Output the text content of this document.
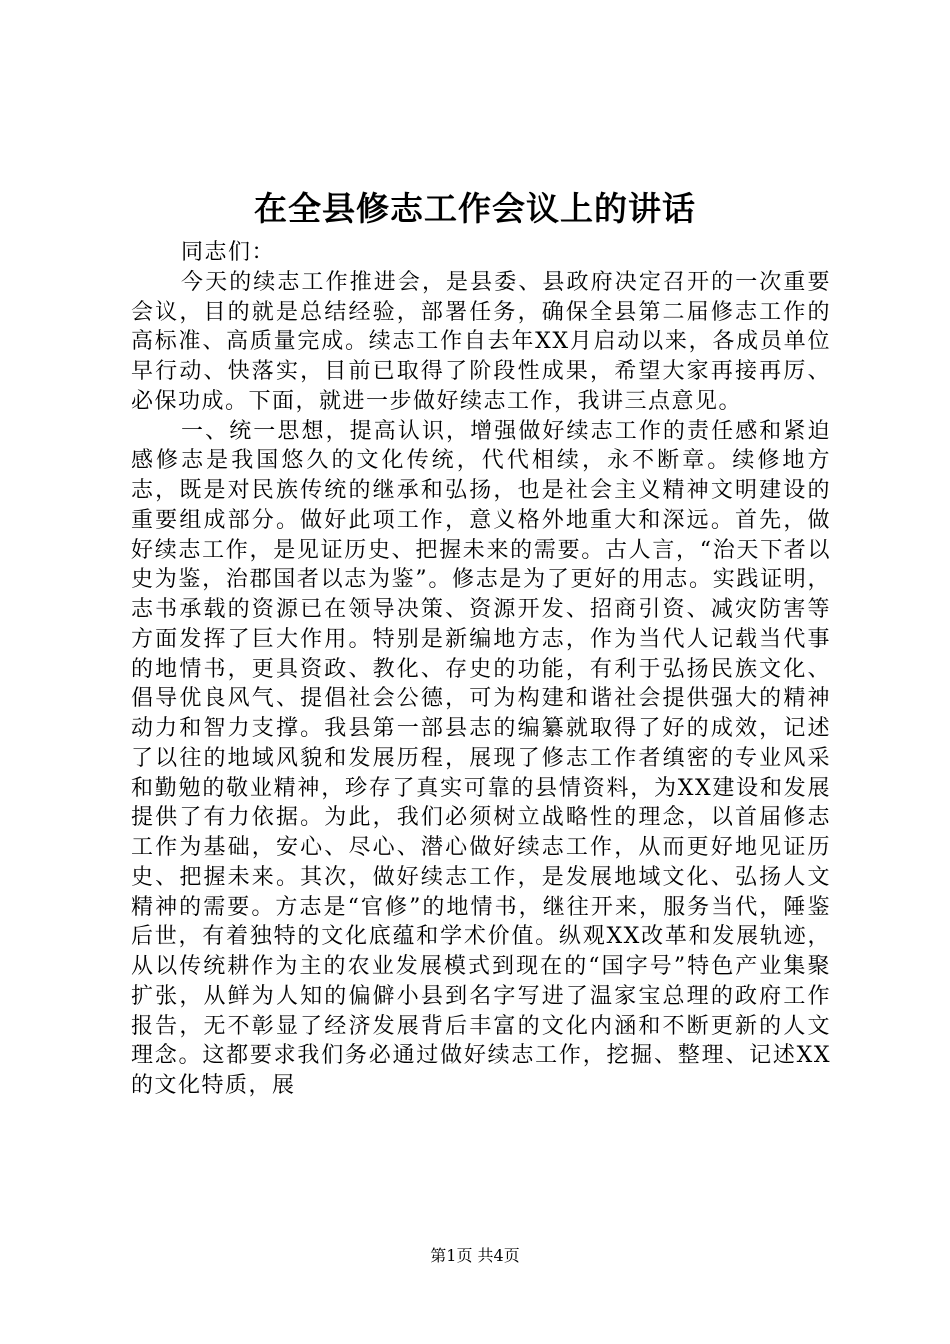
在全县修志工作会议上的讲话

同志们：

今天的续志工作推进会，是县委、县政府决定召开的一次重要会议，目的就是总结经验，部署任务，确保全县第二届修志工作的高标准、高质量完成。续志工作自去年XX月启动以来，各成员单位早行动、快落实，目前已取得了阶段性成果，希望大家再接再厉、必保功成。下面，就进一步做好续志工作，我讲三点意见。

一、统一思想，提高认识，增强做好续志工作的责任感和紧迫感修志是我国悠久的文化传统，代代相续，永不断章。续修地方志，既是对民族传统的继承和弘扬，也是社会主义精神文明建设的重要组成部分。做好此项工作，意义格外地重大和深远。首先，做好续志工作，是见证历史、把握未来的需要。古人言，“治天下者以史为鉴，治郡国者以志为鉴”。修志是为了更好的用志。实践证明，志书承载的资源已在领导决策、资源开发、招商引资、减灾防害等方面发挥了巨大作用。特别是新编地方志，作为当代人记载当代事的地情书，更具资政、教化、存史的功能，有利于弘扬民族文化、倡导优良风气、提倡社会公德，可为构建和谐社会提供强大的精神动力和智力支撑。我县第一部县志的编纂就取得了好的成效，记述了以往的地域风貌和发展历程，展现了修志工作者缜密的专业风采和勤勉的敬业精神，珍存了真实可靠的县情资料，为XX建设和发展提供了有力依据。为此，我们必须树立战略性的理念，以首届修志工作为基础，安心、尽心、潜心做好续志工作，从而更好地见证历史、把握未来。其次，做好续志工作，是发展地域文化、弘扬人文精神的需要。方志是“官修”的地情书，继往开来，服务当代，陲鉴后世，有着独特的文化底蕴和学术价值。纵观XX改革和发展轨迹，从以传统耕作为主的农业发展模式到现在的“国字号”特色产业集聚扩张，从鲜为人知的偏僻小县到名字写进了温家宝总理的政府工作报告，无不彰显了经济发展背后丰富的文化内涵和不断更新的人文理念。这都要求我们务必通过做好续志工作，挖掘、整理、记述XX的文化特质，展

第1页 共4页
